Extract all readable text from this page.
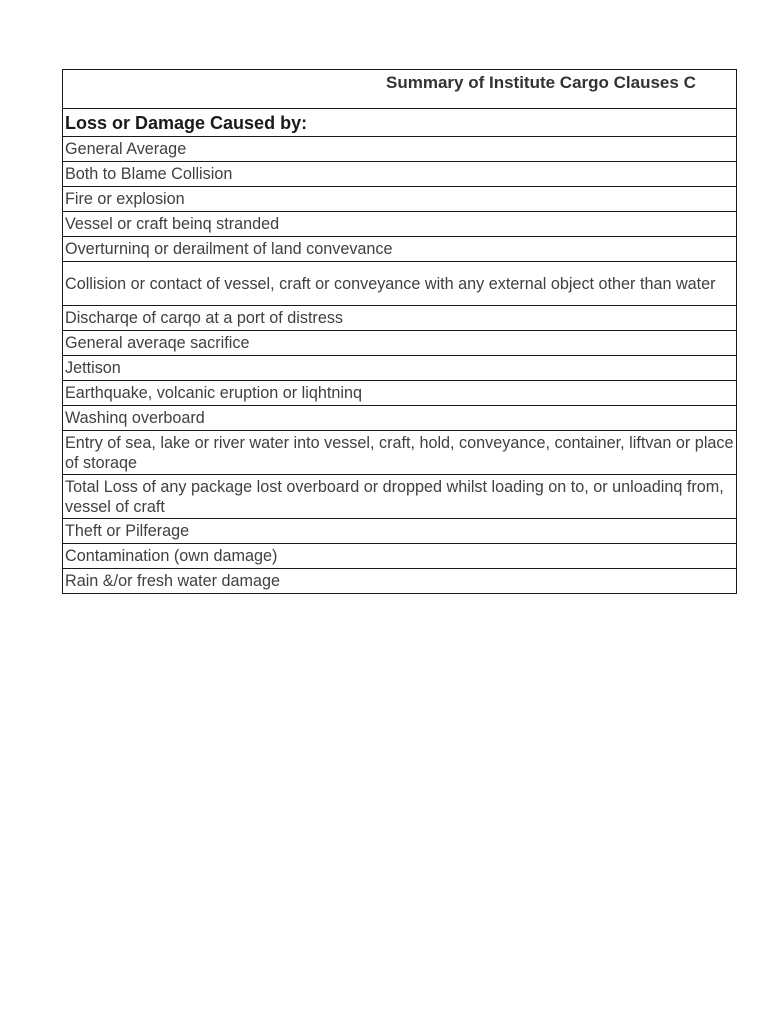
Summary of Institute Cargo Clauses C

Loss or Damage Caused by:
General Average
Both to Blame Collision
Fire or explosion
Vessel or craft beinq stranded
Overturninq or derailment of land convevance
Collision or contact of vessel, craft or conveyance with any external object other than water
Discharqe of carqo at a port of distress
General averaqe sacrifice
Jettison
Earthquake, volcanic eruption or liqhtninq
Washinq overboard
Entry of sea, lake or river water into vessel, craft, hold, conveyance, container, liftvan or place of storaqe
Total Loss of any package lost overboard or dropped whilst loading on to, or unloadinq from, vessel of craft
Theft or Pilferage
Contamination (own damage)
Rain &/or fresh water damage
